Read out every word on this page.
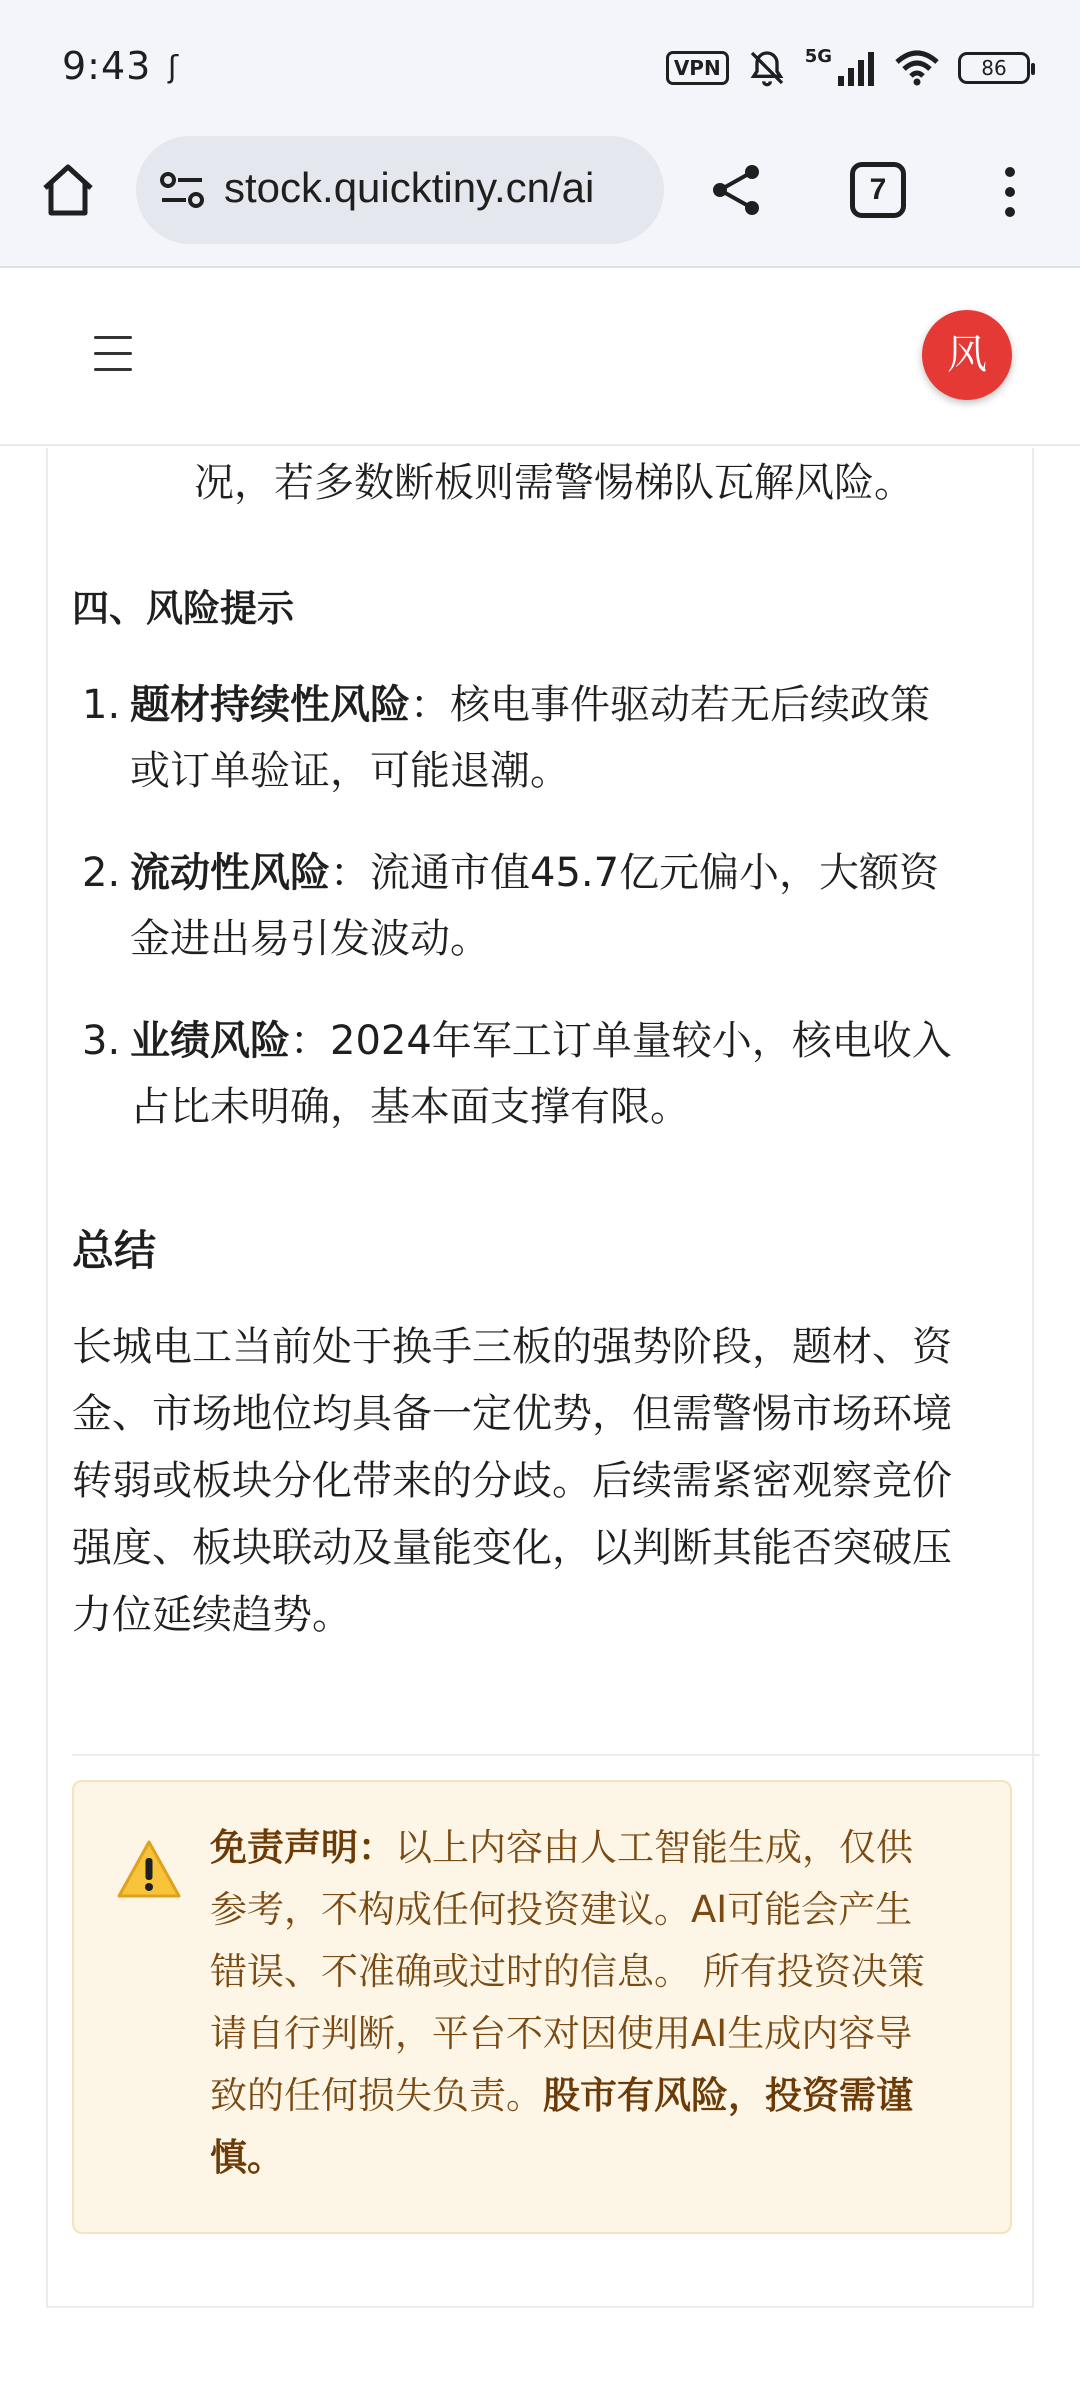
9:43 ʃ	VPN	5G	86
stock.quicktiny.cn/ai	7
风
况，若多数断板则需警惕梯队瓦解风险。
四、风险提示
1. 题材持续性风险：核电事件驱动若无后续政策
或订单验证，可能退潮。
2. 流动性风险：流通市值45.7亿元偏小，大额资
金进出易引发波动。
3. 业绩风险：2024年军工订单量较小，核电收入
占比未明确，基本面支撑有限。
总结
长城电工当前处于换手三板的强势阶段，题材、资
金、市场地位均具备一定优势，但需警惕市场环境
转弱或板块分化带来的分歧。后续需紧密观察竞价
强度、板块联动及量能变化，以判断其能否突破压
力位延续趋势。
免责声明：以上内容由人工智能生成，仅供
参考，不构成任何投资建议。AI可能会产生
错误、不准确或过时的信息。 所有投资决策
请自行判断，平台不对因使用AI生成内容导
致的任何损失负责。股市有风险，投资需谨
慎。
